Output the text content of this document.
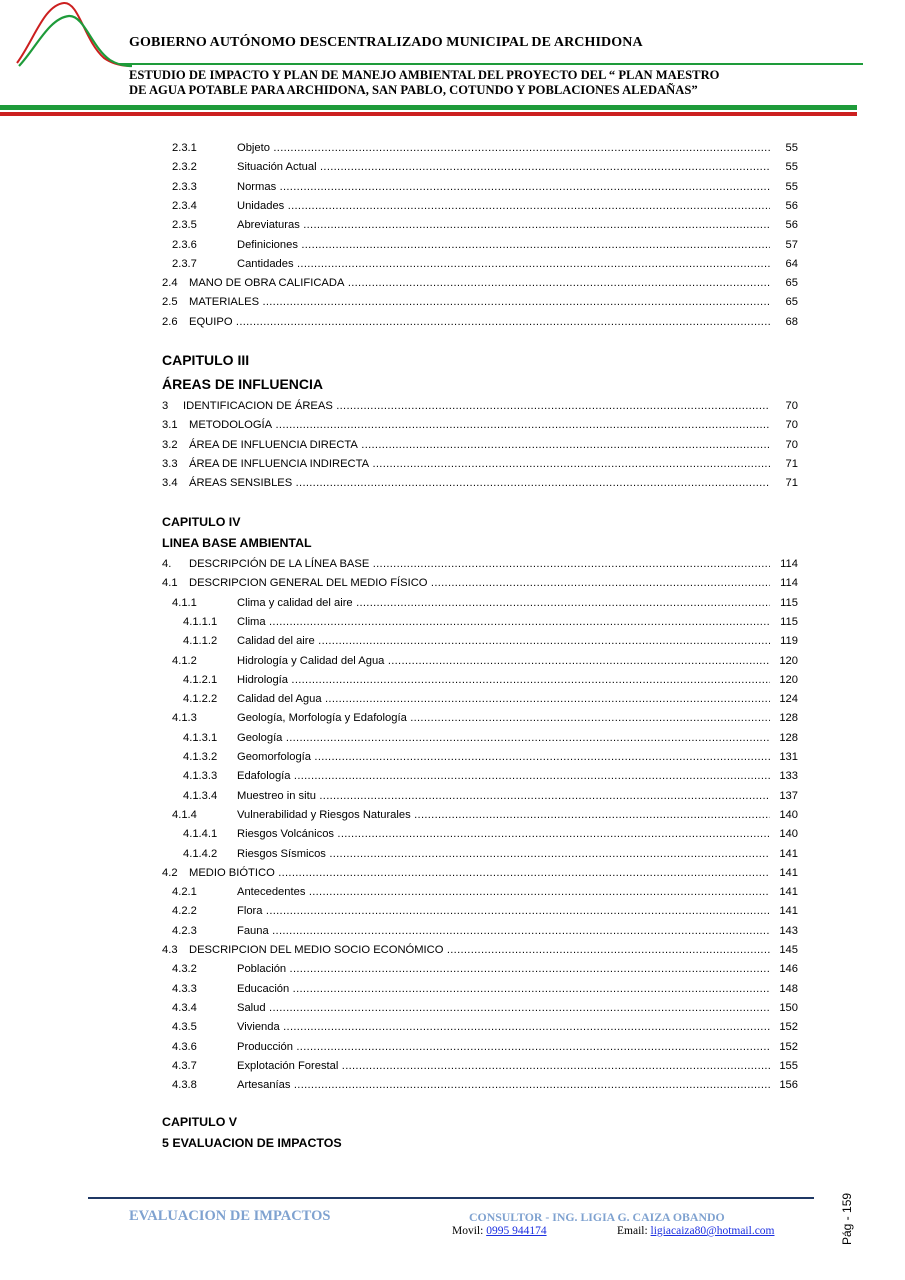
GOBIERNO AUTÓNOMO DESCENTRALIZADO MUNICIPAL DE ARCHIDONA
ESTUDIO DE IMPACTO Y PLAN DE MANEJO AMBIENTAL DEL PROYECTO DEL “ PLAN MAESTRO
DE AGUA POTABLE PARA ARCHIDONA, SAN PABLO, COTUNDO Y POBLACIONES ALEDAÑAS”
2.3.1	Objeto .....	55
2.3.2	Situación Actual .....	55
2.3.3	Normas .....	55
2.3.4	Unidades .....	56
2.3.5	Abreviaturas .....	56
2.3.6	Definiciones .....	57
2.3.7	Cantidades .....	64
2.4 MANO DE OBRA CALIFICADA .....	65
2.5 MATERIALES .....	65
2.6 EQUIPO .....	68
CAPITULO III
ÁREAS DE INFLUENCIA
3 IDENTIFICACION DE ÁREAS .....	70
3.1 METODOLOGÍA .....	70
3.2 ÁREA DE INFLUENCIA DIRECTA .....	70
3.3 ÁREA DE INFLUENCIA INDIRECTA .....	71
3.4 ÁREAS SENSIBLES .....	71
CAPITULO IV
LINEA BASE AMBIENTAL
4. DESCRIPCIÓN DE LA LÍNEA BASE .....	114
4.1 DESCRIPCION GENERAL DEL MEDIO FÍSICO .....	114
4.1.1	Clima y calidad del aire .....	115
4.1.1.1 Clima .....	115
4.1.1.2 Calidad del aire .....	119
4.1.2	Hidrología y Calidad del Agua .....	120
4.1.2.1 Hidrología .....	120
4.1.2.2 Calidad del Agua .....	124
4.1.3	Geología, Morfología y Edafología .....	128
4.1.3.1 Geología .....	128
4.1.3.2 Geomorfología .....	131
4.1.3.3 Edafología .....	133
4.1.3.4 Muestreo in situ .....	137
4.1.4	Vulnerabilidad y Riesgos Naturales .....	140
4.1.4.1 Riesgos Volcánicos .....	140
4.1.4.2 Riesgos Sísmicos .....	141
4.2 MEDIO BIÓTICO .....	141
4.2.1	Antecedentes .....	141
4.2.2	Flora .....	141
4.2.3	Fauna .....	143
4.3 DESCRIPCION DEL MEDIO SOCIO ECONÓMICO .....	145
4.3.2	Población .....	146
4.3.3	Educación .....	148
4.3.4	Salud .....	150
4.3.5	Vivienda .....	152
4.3.6	Producción .....	152
4.3.7	Explotación Forestal .....	155
4.3.8	Artesanías .....	156
CAPITULO V
5 EVALUACION DE IMPACTOS
EVALUACION DE IMPACTOS	CONSULTOR - ING. LIGIA G. CAIZA OBANDO
Movil: 0995 944174	Email: ligiacaiza80@hotmail.com	Pág - 159
